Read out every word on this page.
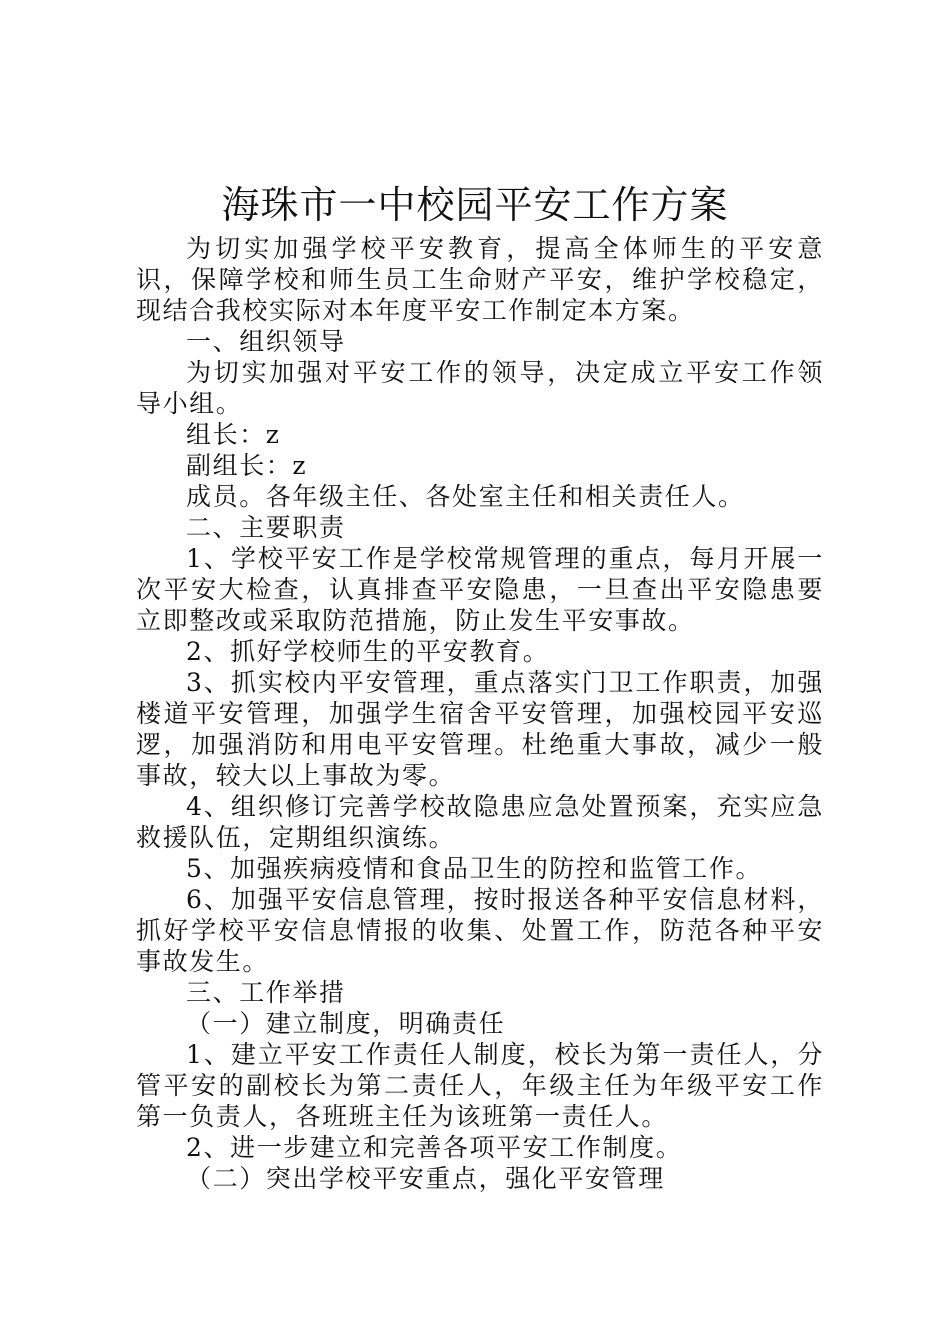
海珠市一中校园平安工作方案

为切实加强学校平安教育，提高全体师生的平安意识，保障学校和师生员工生命财产平安，维护学校稳定，现结合我校实际对本年度平安工作制定本方案。

一、组织领导

为切实加强对平安工作的领导，决定成立平安工作领导小组。

组长：z

副组长：z

成员。各年级主任、各处室主任和相关责任人。

二、主要职责

1、学校平安工作是学校常规管理的重点，每月开展一次平安大检查，认真排查平安隐患，一旦查出平安隐患要立即整改或采取防范措施，防止发生平安事故。

2、抓好学校师生的平安教育。

3、抓实校内平安管理，重点落实门卫工作职责，加强楼道平安管理，加强学生宿舍平安管理，加强校园平安巡逻，加强消防和用电平安管理。杜绝重大事故，减少一般事故，较大以上事故为零。

4、组织修订完善学校故隐患应急处置预案，充实应急救援队伍，定期组织演练。

5、加强疾病疫情和食品卫生的防控和监管工作。

6、加强平安信息管理，按时报送各种平安信息材料，抓好学校平安信息情报的收集、处置工作，防范各种平安事故发生。

三、工作举措

（一）建立制度，明确责任

1、建立平安工作责任人制度，校长为第一责任人，分管平安的副校长为第二责任人，年级主任为年级平安工作第一负责人，各班班主任为该班第一责任人。

2、进一步建立和完善各项平安工作制度。

（二）突出学校平安重点，强化平安管理
